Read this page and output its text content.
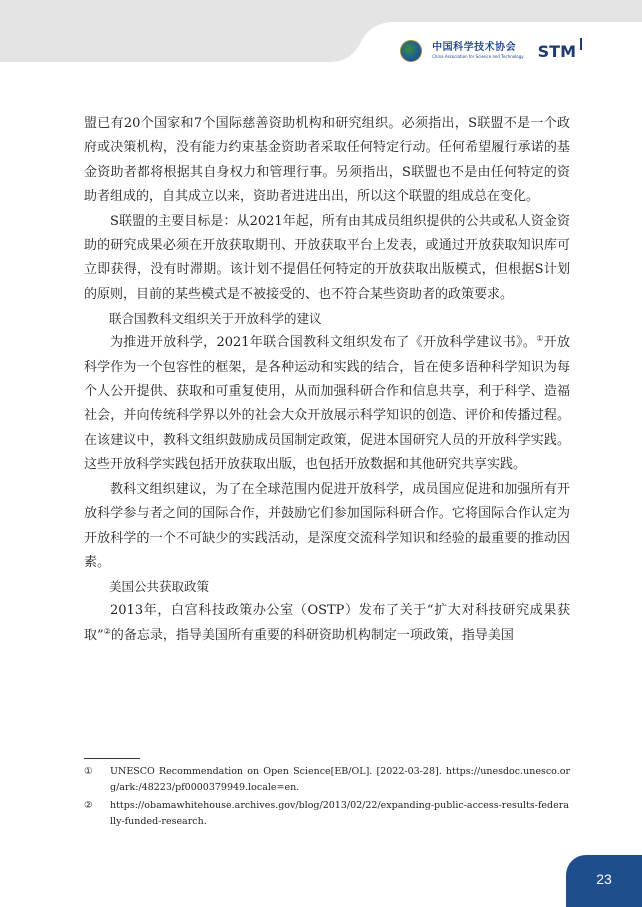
中国科学技术协会
China Association for Science and Technology STM

盟已有20个国家和7个国际慈善资助机构和研究组织。必须指出，S联盟不是一个政府或决策机构，没有能力约束基金资助者采取任何特定行动。任何希望履行承诺的基金资助者都将根据其自身权力和管理行事。另须指出，S联盟也不是由任何特定的资助者组成的，自其成立以来，资助者进进出出，所以这个联盟的组成总在变化。

S联盟的主要目标是：从2021年起，所有由其成员组织提供的公共或私人资金资助的研究成果必须在开放获取期刊、开放获取平台上发表，或通过开放获取知识库可立即获得，没有时滞期。该计划不提倡任何特定的开放获取出版模式，但根据S计划的原则，目前的某些模式是不被接受的、也不符合某些资助者的政策要求。

联合国教科文组织关于开放科学的建议

为推进开放科学，2021年联合国教科文组织发布了《开放科学建议书》。①开放科学作为一个包容性的框架，是各种运动和实践的结合，旨在使多语种科学知识为每个人公开提供、获取和可重复使用，从而加强科研合作和信息共享，利于科学、造福社会，并向传统科学界以外的社会大众开放展示科学知识的创造、评价和传播过程。在该建议中，教科文组织鼓励成员国制定政策，促进本国研究人员的开放科学实践。这些开放科学实践包括开放获取出版，也包括开放数据和其他研究共享实践。

教科文组织建议，为了在全球范围内促进开放科学，成员国应促进和加强所有开放科学参与者之间的国际合作，并鼓励它们参加国际科研合作。它将国际合作认定为开放科学的一个不可缺少的实践活动，是深度交流科学知识和经验的最重要的推动因素。

美国公共获取政策

2013年，白宫科技政策办公室（OSTP）发布了关于“扩大对科技研究成果获取”②的备忘录，指导美国所有重要的科研资助机构制定一项政策，指导美国

①	UNESCO Recommendation on Open Science[EB/OL]. [2022-03-28]. https://unesdoc.unesco.org/ark:/48223/pf0000379949.locale=en.
②	https://obamawhitehouse.archives.gov/blog/2013/02/22/expanding-public-access-results-federally-funded-research.
23
